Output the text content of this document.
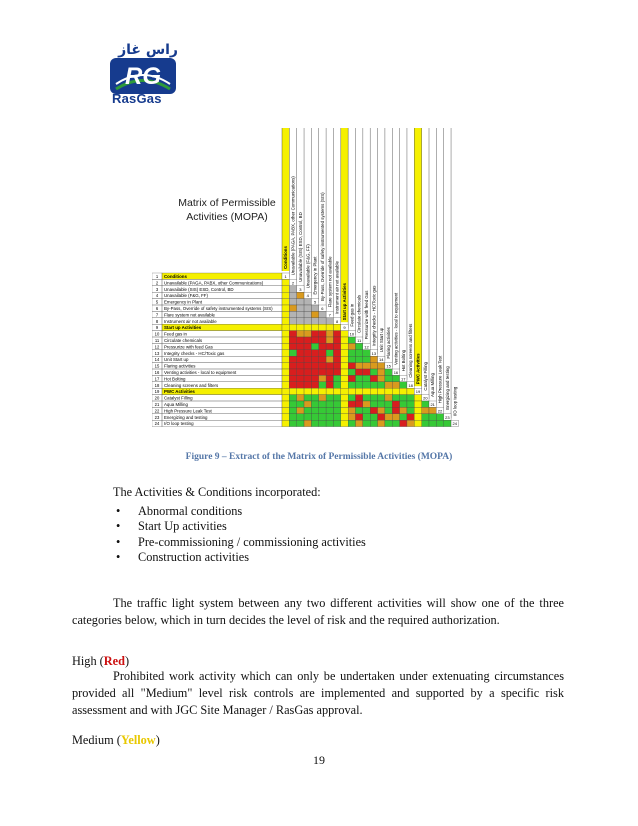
راس غاز
RG
RasGas
Matrix of Permissible
Activities (MOPA)
1 Conditions
2 Unavailable (PAGA, PABX, other Communications)
3 Unavailable (SIS) ESD, Control, BD
4 Unavailable (F&G, FF)
5 Emergency in Plant
6 By-Pass, Override of safety instrumented systems (SIS)
7 Flare system not available
8 Instrument air not available
9 Start up Activities
10 Feed gas in
11 Circulate chemicals
12 Pressurize with feed Gas
13 Integrity checks - HC/Toxic gas
14 Unit Start up
15 Flaring activities
16 Venting activities - local to equipment
17 Hot Bolting
18 Cleaning screens and filters
19 PWC Activities
20 Catalyst Filling
21 Aqua Milling
22 High Pressure Leak Test
23 Energizing and testing
24 I/O loop testing
Conditions Unavailable (PAGA, PABX, other Communications) Unavailable (SIS) ESD, Control, BD Unavailable (F&G, FF) Emergency in Plant By-Pass, Override of safety instrumented systems (SIS) Flare system not available Instrument air not available Start up Activities Feed gas in Circulate chemicals Pressurize with feed Gas Integrity checks - HC/Toxic gas Unit Start up Flaring activities Venting activities - local to equipment Hot Bolting Cleaning screens and filters PWC Activities Catalyst Filling Aqua Milling High Pressure Leak Test Energizing and testing I/O loop testing
1
2
3
4
5
6
7
8
9
10
11
12
13
14
15
16
17
18
19
20
21
22
23
24
Figure 9 – Extract of the Matrix of Permissible Activities (MOPA)
The Activities & Conditions incorporated:
• Abnormal conditions
• Start Up activities
• Pre-commissioning / commissioning activities
• Construction activities
The traffic light system between any two different activities will show one of the three categories below, which in turn decides the level of risk and the required authorization.
High (Red)
Prohibited work activity which can only be undertaken under extenuating circumstances provided all "Medium" level risk controls are implemented and supported by a specific risk assessment and with JGC Site Manager / RasGas approval.
Medium (Yellow)
19
